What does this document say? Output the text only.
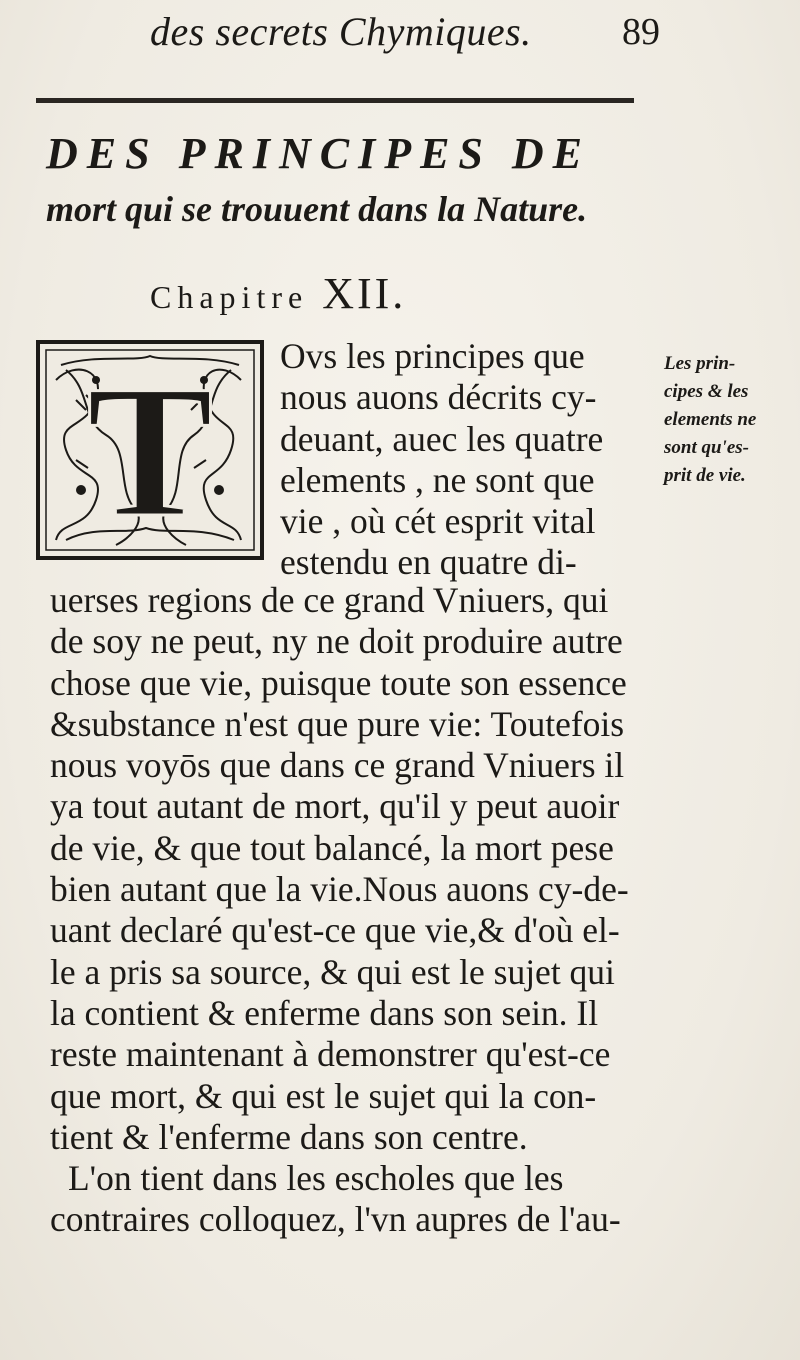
des secrets Chymiques. 89
DES PRINCIPES DE
mort qui se trouuent dans la Nature.
Chapitre XII.
T Ovs les principes que
nous auons décrits cy-
deuant, auec les quatre
elements , ne sont que
vie , où cét esprit vital
estendu en quatre di-
Les prin-
cipes & les
elements ne
sont qu'es-
prit de vie.
uerses regions de ce grand Vniuers, qui
de soy ne peut, ny ne doit produire autre
chose que vie, puisque toute son essence
&substance n'est que pure vie: Toutefois
nous voyōs que dans ce grand Vniuers il
ya tout autant de mort, qu'il y peut auoir
de vie, & que tout balancé, la mort pese
bien autant que la vie.Nous auons cy-de-
uant declaré qu'est-ce que vie,& d'où el-
le a pris sa source, & qui est le sujet qui
la contient & enferme dans son sein. Il
reste maintenant à demonstrer qu'est-ce
que mort, & qui est le sujet qui la con-
tient & l'enferme dans son centre.
L'on tient dans les escholes que les
contraires colloquez, l'vn aupres de l'au-
